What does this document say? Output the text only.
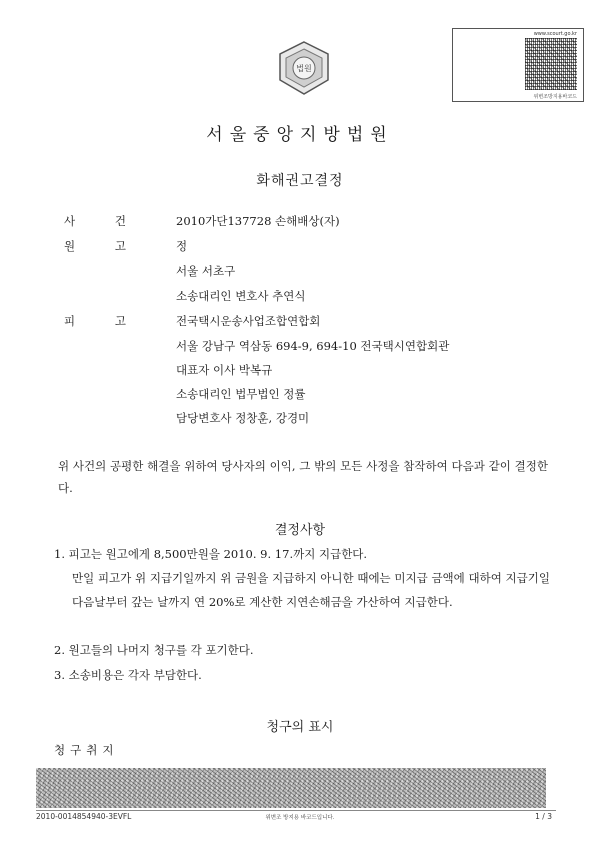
법원
www.scourt.go.kr
위변조방지용바코드
서울중앙지방법원
화해권고결정
사	건	2010가단137728 손해배상(자)
원	고	정
서울 서초구
소송대리인 변호사 추연식
피	고	전국택시운송사업조합연합회
서울 강남구 역삼동 694-9, 694-10 전국택시연합회관
대표자 이사 박복규
소송대리인 법무법인 정률
담당변호사 정창훈, 강경미
위 사건의 공평한 해결을 위하여 당사자의 이익, 그 밖의 모든 사정을 참작하여 다음과 같이 결정한다.
결정사항
1. 피고는 원고에게 8,500만원을 2010. 9. 17.까지 지급한다.
만일 피고가 위 지급기일까지 위 금원을 지급하지 아니한 때에는 미지급 금액에 대하여 지급기일 다음날부터 갚는 날까지 연 20%로 계산한 지연손해금을 가산하여 지급한다.
2. 원고들의 나머지 청구를 각 포기한다.
3. 소송비용은 각자 부담한다.
청구의 표시
청구취지
2010-0014854940-3EVFL	위변조 방지용 바코드입니다.	1 / 3
